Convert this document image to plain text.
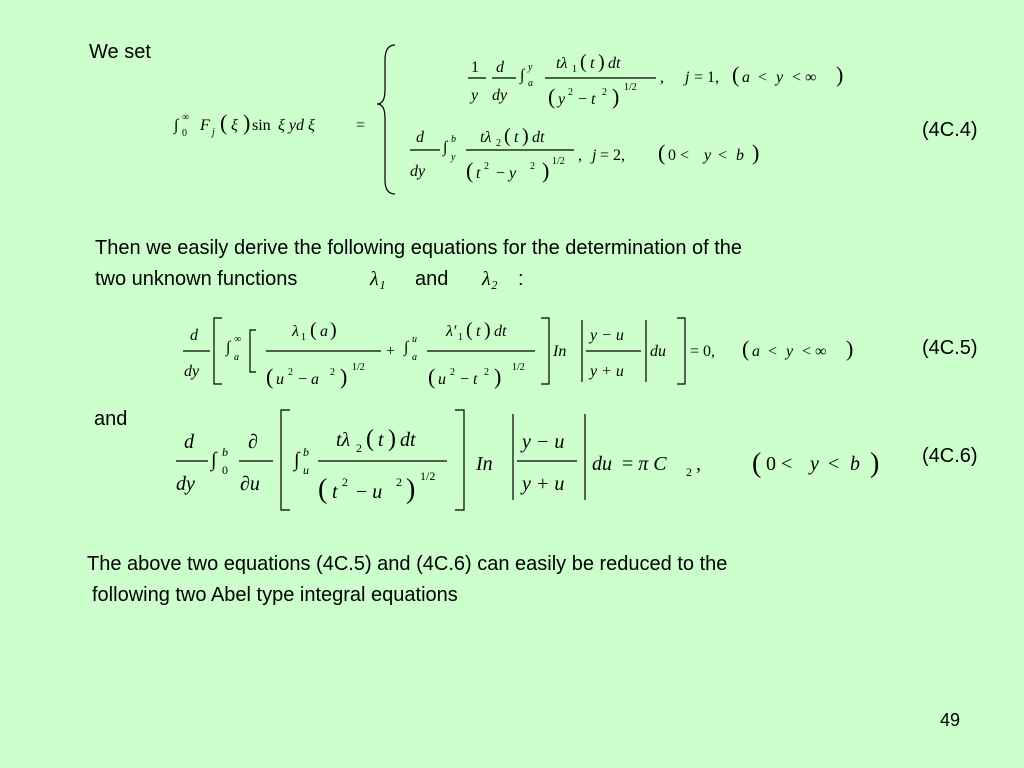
We set
Then we easily derive the following equations for the determination of the
two unknown functions	λ₁ and λ₂ :
and
The above two equations (4C.5) and (4C.6) can easily be reduced to the
following two Abel type integral equations
(4C.4)
(4C.5)
(4C.6)
49
∫ ∞
0 F j ( ξ ) sin ξ yd ξ	=
1
y
d
dy
∫ y
a
tλ 1 ( t ) dt
( y 2 − t 2 ) 1/2
, j = 1, ( a < y < ∞ )
d
dy
∫ b
y
tλ 2 ( t ) dt
( t 2 − y 2 ) 1/2 , j = 2, ( 0 < y < b )
d
dy
∫ ∞
a
λ 1 ( a )
( u 2 − a 2 ) 1/2
+ ∫ u
a
λ′ 1 ( t ) dt
( u 2 − t 2 ) 1/2
In
y − u
y + u
du = 0, ( a < y < ∞ )
d
dy
∫ b
0
∂
∂u
∫ b
u
tλ 2 ( t ) dt
( t 2 − u 2 ) 1/2
In
y − u
y + u
du = π C 2 , ( 0 < y < b )
